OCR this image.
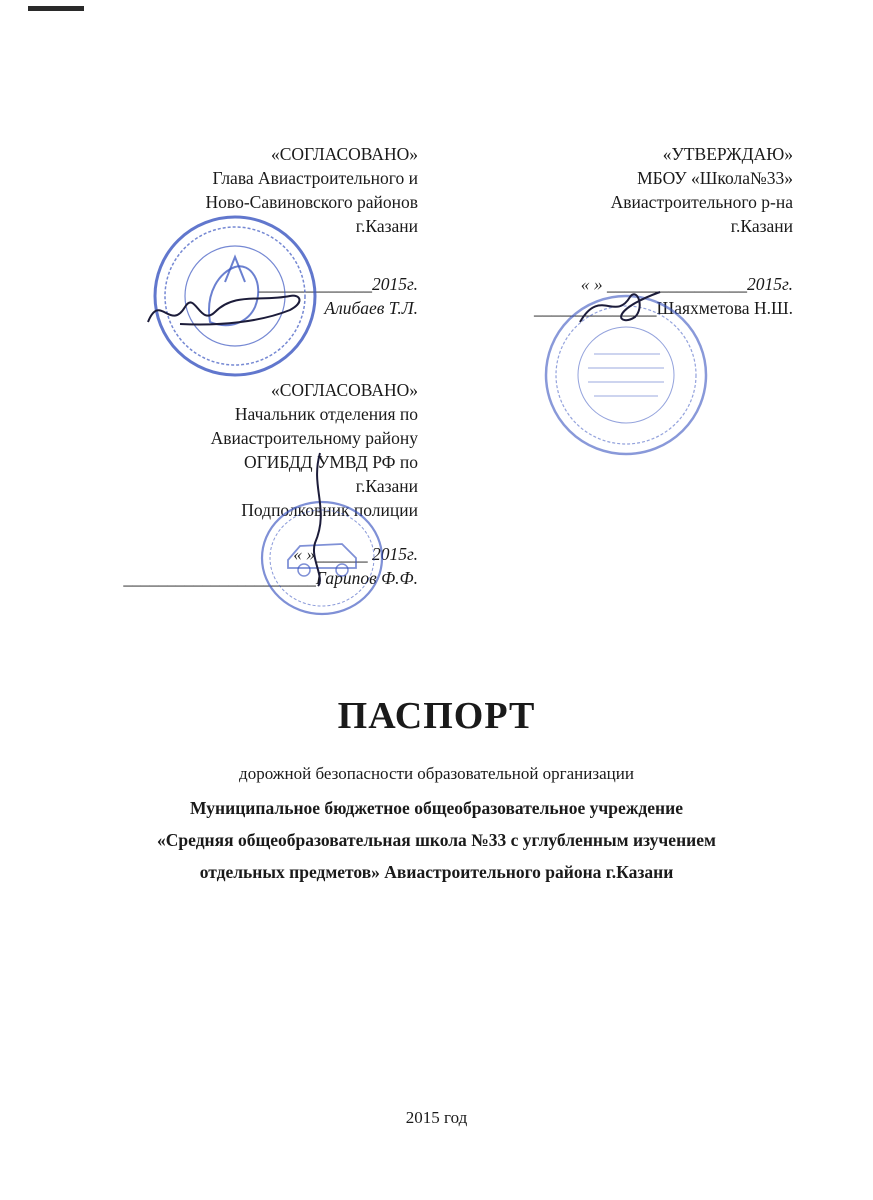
«СОГЛАСОВАНО»
Глава Авиастроительного и
Ново-Савиновского районов
г.Казани
_____________2015г.
Алибаев Т.Л.
«УТВЕРЖДАЮ»
МБОУ «Школа№33»
Авиастроительного р-на
г.Казани
« » ________________2015г.
______________Шаяхметова Н.Ш.
«СОГЛАСОВАНО»
Начальник отделения по
Авиастроительному району
ОГИБДД УМВД РФ по
г.Казани
Подполковник полиции
« »______ 2015г.
______________________Гарипов Ф.Ф.
ПАСПОРТ
дорожной безопасности образовательной организации
Муниципальное бюджетное общеобразовательное учреждение
«Средняя общеобразовательная школа №33 с углубленным изучением
отдельных предметов» Авиастроительного района г.Казани
2015 год
